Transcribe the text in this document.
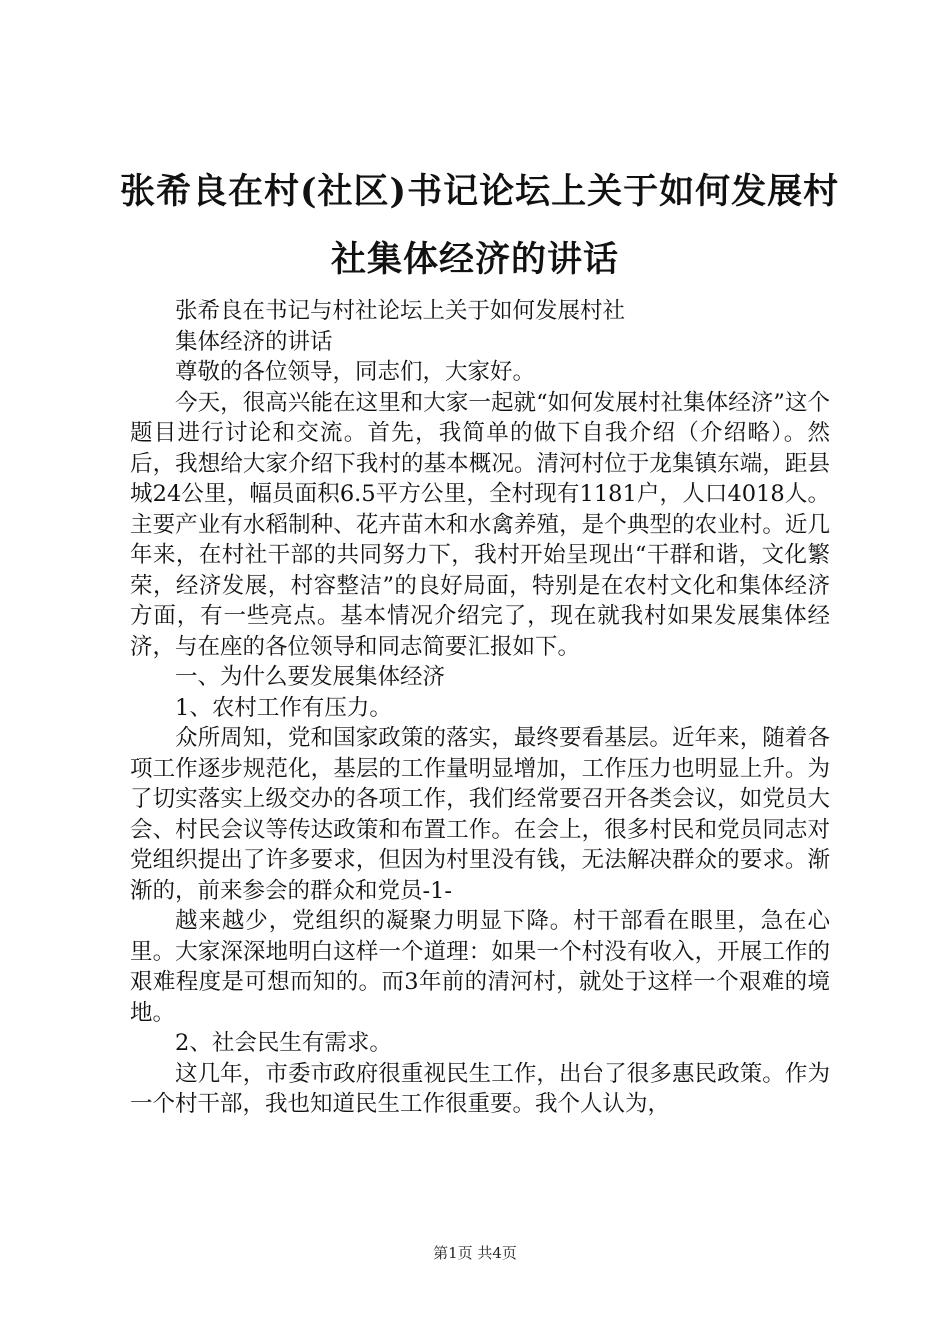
张希良在村(社区)书记论坛上关于如何发展村
社集体经济的讲话

张希良在书记与村社论坛上关于如何发展村社

集体经济的讲话

尊敬的各位领导，同志们，大家好。

今天，很高兴能在这里和大家一起就“如何发展村社集体经济”这个题目进行讨论和交流。首先，我简单的做下自我介绍（介绍略）。然后，我想给大家介绍下我村的基本概况。清河村位于龙集镇东端，距县城24公里，幅员面积6.5平方公里，全村现有1181户，人口4018人。主要产业有水稻制种、花卉苗木和水禽养殖，是个典型的农业村。近几年来，在村社干部的共同努力下，我村开始呈现出“干群和谐，文化繁荣，经济发展，村容整洁”的良好局面，特别是在农村文化和集体经济方面，有一些亮点。基本情况介绍完了，现在就我村如果发展集体经济，与在座的各位领导和同志简要汇报如下。

一、为什么要发展集体经济

1、农村工作有压力。

众所周知，党和国家政策的落实，最终要看基层。近年来，随着各项工作逐步规范化，基层的工作量明显增加，工作压力也明显上升。为了切实落实上级交办的各项工作，我们经常要召开各类会议，如党员大会、村民会议等传达政策和布置工作。在会上，很多村民和党员同志对党组织提出了许多要求，但因为村里没有钱，无法解决群众的要求。渐渐的，前来参会的群众和党员-1-

越来越少，党组织的凝聚力明显下降。村干部看在眼里，急在心里。大家深深地明白这样一个道理：如果一个村没有收入，开展工作的艰难程度是可想而知的。而3年前的清河村，就处于这样一个艰难的境地。

2、社会民生有需求。

这几年，市委市政府很重视民生工作，出台了很多惠民政策。作为一个村干部，我也知道民生工作很重要。我个人认为，

第1页 共4页
